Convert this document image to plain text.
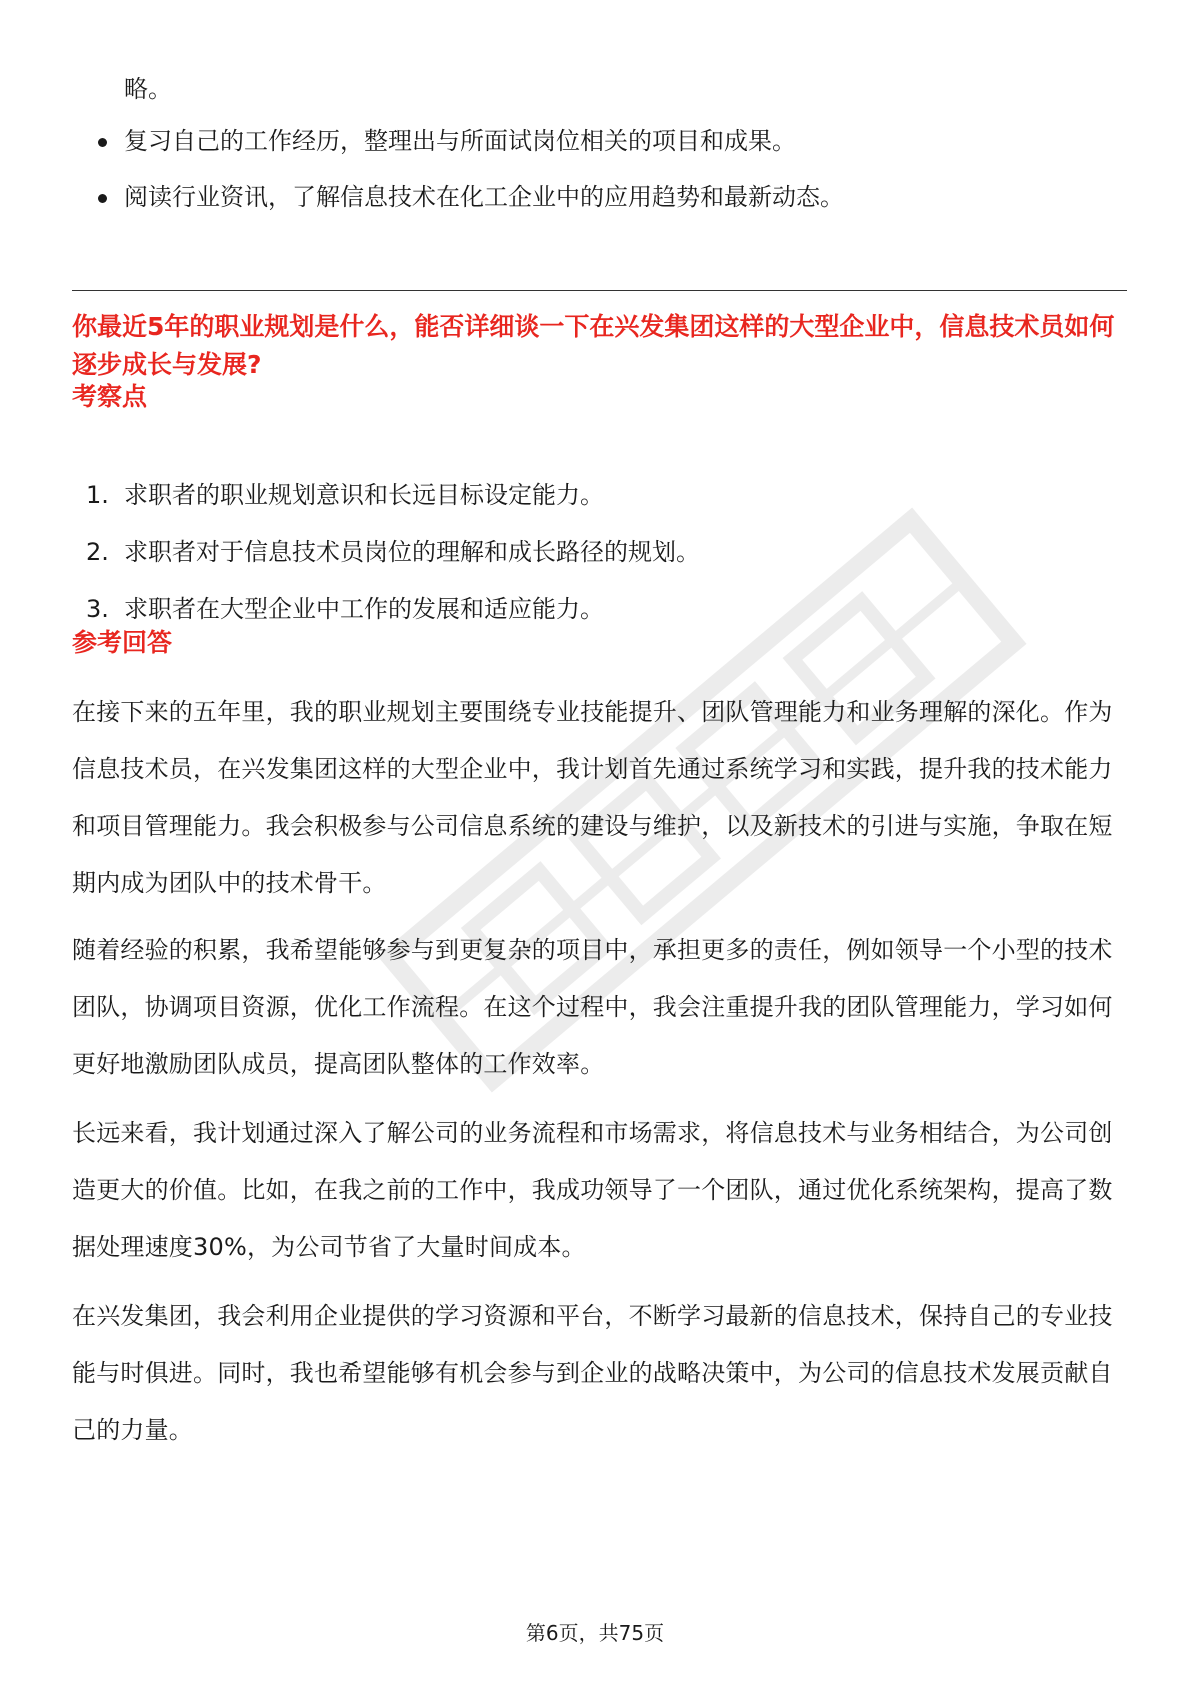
略。
复习自己的工作经历，整理出与所面试岗位相关的项目和成果。
阅读行业资讯，了解信息技术在化工企业中的应用趋势和最新动态。
你最近5年的职业规划是什么，能否详细谈一下在兴发集团这样的大型企业中，信息技术员如何逐步成长与发展?
考察点
1. 求职者的职业规划意识和长远目标设定能力。
2. 求职者对于信息技术员岗位的理解和成长路径的规划。
3. 求职者在大型企业中工作的发展和适应能力。
参考回答

在接下来的五年里，我的职业规划主要围绕专业技能提升、团队管理能力和业务理解的深化。作为信息技术员，在兴发集团这样的大型企业中，我计划首先通过系统学习和实践，提升我的技术能力和项目管理能力。我会积极参与公司信息系统的建设与维护，以及新技术的引进与实施，争取在短期内成为团队中的技术骨干。

随着经验的积累，我希望能够参与到更复杂的项目中，承担更多的责任，例如领导一个小型的技术团队，协调项目资源，优化工作流程。在这个过程中，我会注重提升我的团队管理能力，学习如何更好地激励团队成员，提高团队整体的工作效率。

长远来看，我计划通过深入了解公司的业务流程和市场需求，将信息技术与业务相结合，为公司创造更大的价值。比如，在我之前的工作中，我成功领导了一个团队，通过优化系统架构，提高了数据处理速度30%，为公司节省了大量时间成本。

在兴发集团，我会利用企业提供的学习资源和平台，不断学习最新的信息技术，保持自己的专业技能与时俱进。同时，我也希望能够有机会参与到企业的战略决策中，为公司的信息技术发展贡献自己的力量。

第6页，共75页
